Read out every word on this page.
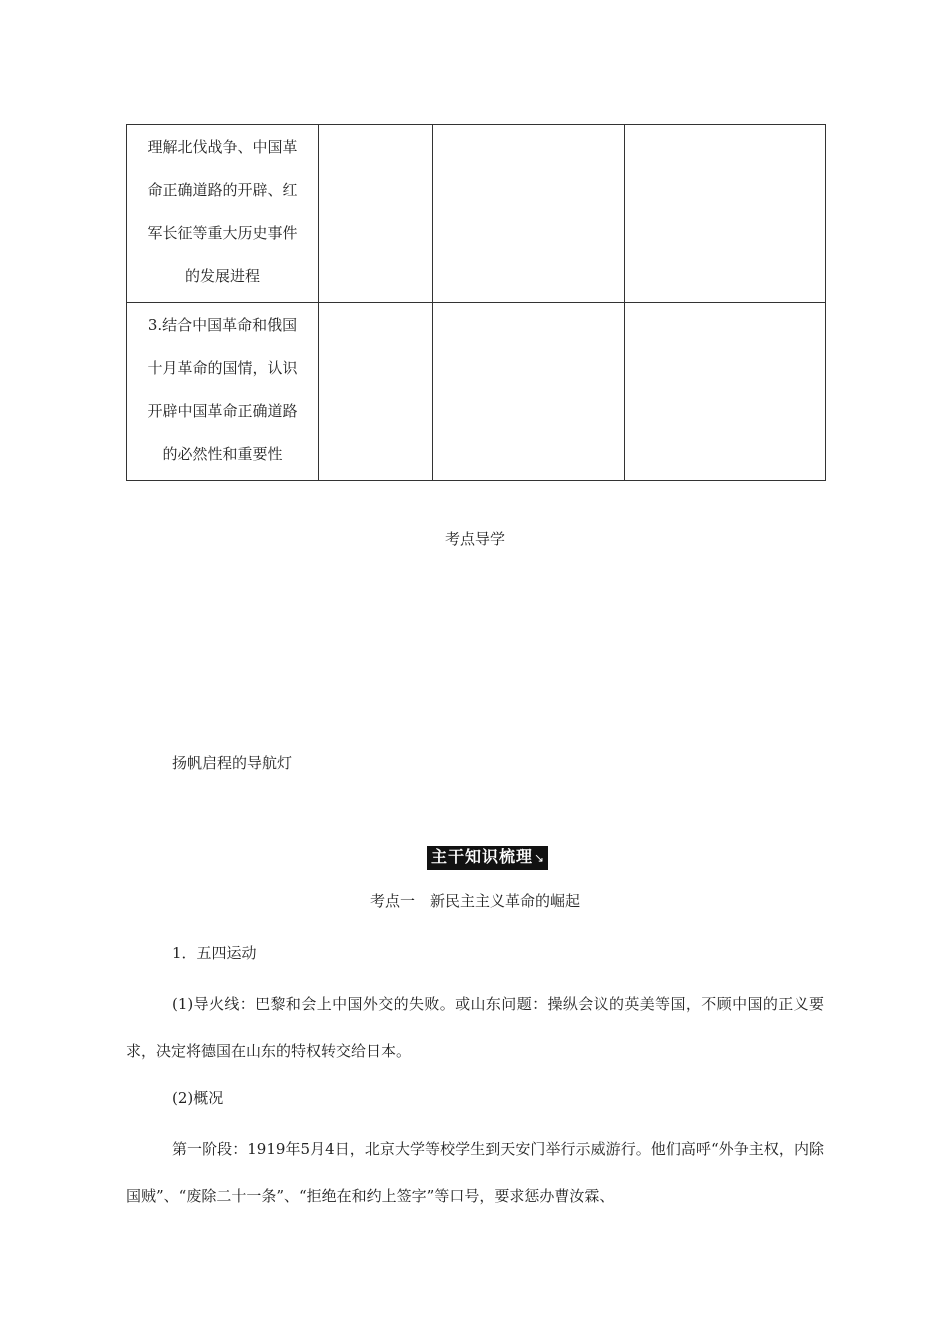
理解北伐战争、中国革
命正确道路的开辟、红
军长征等重大历史事件
的发展进程			

3.结合中国革命和俄国
十月革命的国情，认识
开辟中国革命正确道路
的必然性和重要性			

考点导学
扬帆启程的导航灯
主干知识梳理↘
考点一　新民主主义革命的崛起
1．五四运动
(1)导火线：巴黎和会上中国外交的失败。或山东问题：操纵会议的英美等国，不顾中国的正义要求，决定将德国在山东的特权转交给日本。
(2)概况
第一阶段：1919年5月4日，北京大学等校学生到天安门举行示威游行。他们高呼“外争主权，内除国贼”、“废除二十一条”、“拒绝在和约上签字”等口号，要求惩办曹汝霖、
